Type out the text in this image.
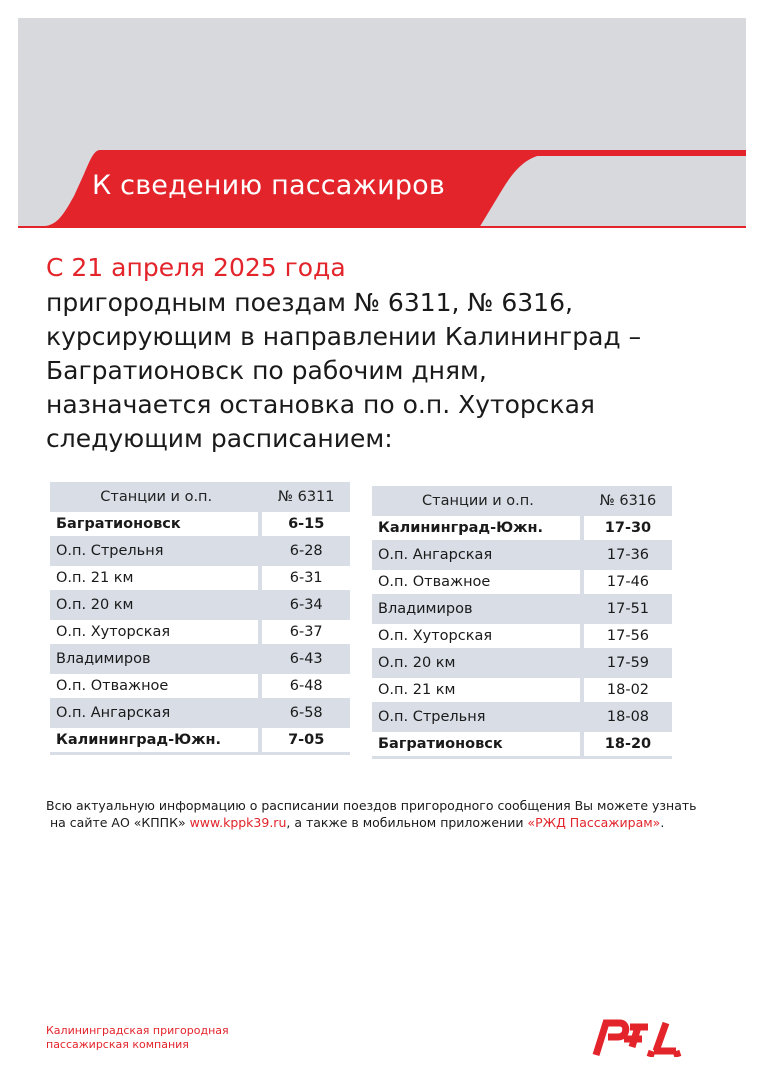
К сведению пассажиров
С 21 апреля 2025 года
пригородным поездам № 6311, № 6316,
курсирующим в направлении Калининград –
Багратионовск по рабочим дням,
назначается остановка по о.п. Хуторская
следующим расписанием:
Станции и о.п.	№ 6311
Багратионовск	6-15
О.п. Стрельня	6-28
О.п. 21 км	6-31
О.п. 20 км	6-34
О.п. Хуторская	6-37
Владимиров	6-43
О.п. Отважное	6-48
О.п. Ангарская	6-58
Калининград-Южн.	7-05
Станции и о.п.	№ 6316
Калининград-Южн.	17-30
О.п. Ангарская	17-36
О.п. Отважное	17-46
Владимиров	17-51
О.п. Хуторская	17-56
О.п. 20 км	17-59
О.п. 21 км	18-02
О.п. Стрельня	18-08
Багратионовск	18-20
Всю актуальную информацию о расписании поездов пригородного сообщения Вы можете узнать
на сайте АО «КППК» www.kppk39.ru, а также в мобильном приложении «РЖД Пассажирам».
Калининградская пригородная
пассажирская компания
